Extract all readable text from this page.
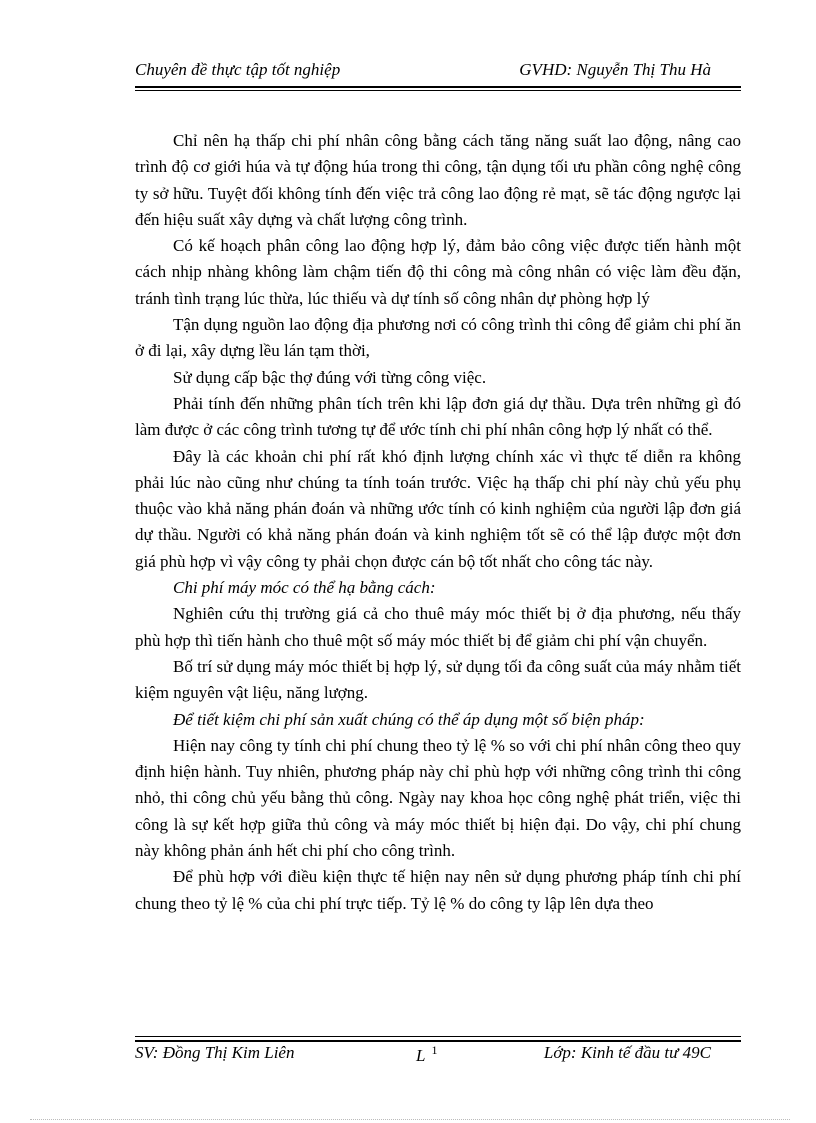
Chuyên đề thực tập tốt nghiệp	GVHD: Nguyễn Thị Thu Hà

Chỉ nên hạ thấp chi phí nhân công bằng cách tăng năng suất lao động, nâng cao trình độ cơ giới húa và tự động húa trong thi công, tận dụng tối ưu phần công nghệ công ty sở hữu. Tuyệt đối không tính đến việc trả công lao động rẻ mạt, sẽ tác động ngược lại đến hiệu suất xây dựng và chất lượng công trình.

Có kế hoạch phân công lao động hợp lý, đảm bảo công việc được tiến hành một cách nhịp nhàng không làm chậm tiến độ thi công mà công nhân có việc làm đều đặn, tránh tình trạng lúc thừa, lúc thiếu và dự tính số công nhân dự phòng hợp lý

Tận dụng nguồn lao động địa phương nơi có công trình thi công để giảm chi phí ăn ở đi lại, xây dựng lều lán tạm thời,

Sử dụng cấp bậc thợ đúng với từng công việc.

Phải tính đến những phân tích trên khi lập đơn giá dự thầu. Dựa trên những gì đó làm được ở các công trình tương tự để ước tính chi phí nhân công hợp lý nhất có thể.

Đây là các khoản chi phí rất khó định lượng chính xác vì thực tế diễn ra không phải lúc nào cũng như chúng ta tính toán trước. Việc hạ thấp chi phí này chủ yếu phụ thuộc vào khả năng phán đoán và những ước tính có kinh nghiệm của người lập đơn giá dự thầu. Người có khả năng phán đoán và kinh nghiệm tốt sẽ có thể lập được một đơn giá phù hợp vì vậy công ty phải chọn được cán bộ tốt nhất cho công tác này.

Chi phí máy móc có thể hạ bằng cách:

Nghiên cứu thị trường giá cả cho thuê máy móc thiết bị ở địa phương, nếu thấy phù hợp thì tiến hành cho thuê một số máy móc thiết bị để giảm chi phí vận chuyển.

Bố trí sử dụng máy móc thiết bị hợp lý, sử dụng tối đa công suất của máy nhằm tiết kiệm nguyên vật liệu, năng lượng.

Để tiết kiệm chi phí sản xuất chúng có thể áp dụng một số biện pháp:

Hiện nay công ty tính chi phí chung theo tỷ lệ % so với chi phí nhân công theo quy định hiện hành. Tuy nhiên, phương pháp này chỉ phù hợp với những công trình thi công nhỏ, thi công chủ yếu bằng thủ công. Ngày nay khoa học công nghệ phát triển, việc thi công là sự kết hợp giữa thủ công và máy móc thiết bị hiện đại. Do vậy, chi phí chung này không phản ánh hết chi phí cho công trình.

Để phù hợp với điều kiện thực tế hiện nay nên sử dụng phương pháp tính chi phí chung theo tỷ lệ % của chi phí trực tiếp. Tỷ lệ % do công ty lập lên dựa theo

SV: Đồng Thị Kim Liên	L $^1$	Lớp: Kinh tế đầu tư 49C
